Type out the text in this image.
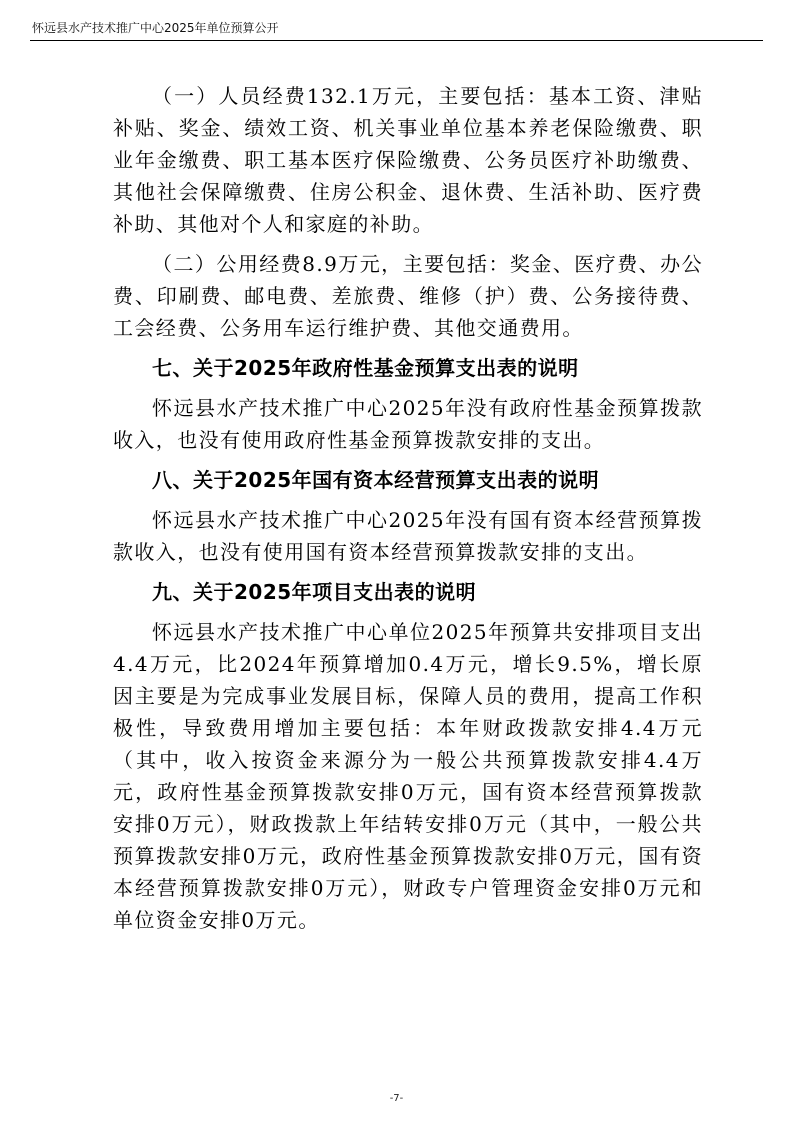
怀远县水产技术推广中心2025年单位预算公开

（一）人员经费132.1万元，主要包括：基本工资、津贴补贴、奖金、绩效工资、机关事业单位基本养老保险缴费、职业年金缴费、职工基本医疗保险缴费、公务员医疗补助缴费、其他社会保障缴费、住房公积金、退休费、生活补助、医疗费补助、其他对个人和家庭的补助。

（二）公用经费8.9万元，主要包括：奖金、医疗费、办公费、印刷费、邮电费、差旅费、维修（护）费、公务接待费、工会经费、公务用车运行维护费、其他交通费用。

七、关于2025年政府性基金预算支出表的说明

怀远县水产技术推广中心2025年没有政府性基金预算拨款收入，也没有使用政府性基金预算拨款安排的支出。

八、关于2025年国有资本经营预算支出表的说明

怀远县水产技术推广中心2025年没有国有资本经营预算拨款收入，也没有使用国有资本经营预算拨款安排的支出。

九、关于2025年项目支出表的说明

怀远县水产技术推广中心单位2025年预算共安排项目支出4.4万元，比2024年预算增加0.4万元，增长9.5%，增长原因主要是为完成事业发展目标，保障人员的费用，提高工作积极性，导致费用增加主要包括：本年财政拨款安排4.4万元（其中，收入按资金来源分为一般公共预算拨款安排4.4万元，政府性基金预算拨款安排0万元，国有资本经营预算拨款安排0万元），财政拨款上年结转安排0万元（其中，一般公共预算拨款安排0万元，政府性基金预算拨款安排0万元，国有资本经营预算拨款安排0万元），财政专户管理资金安排0万元和单位资金安排0万元。

-7-
